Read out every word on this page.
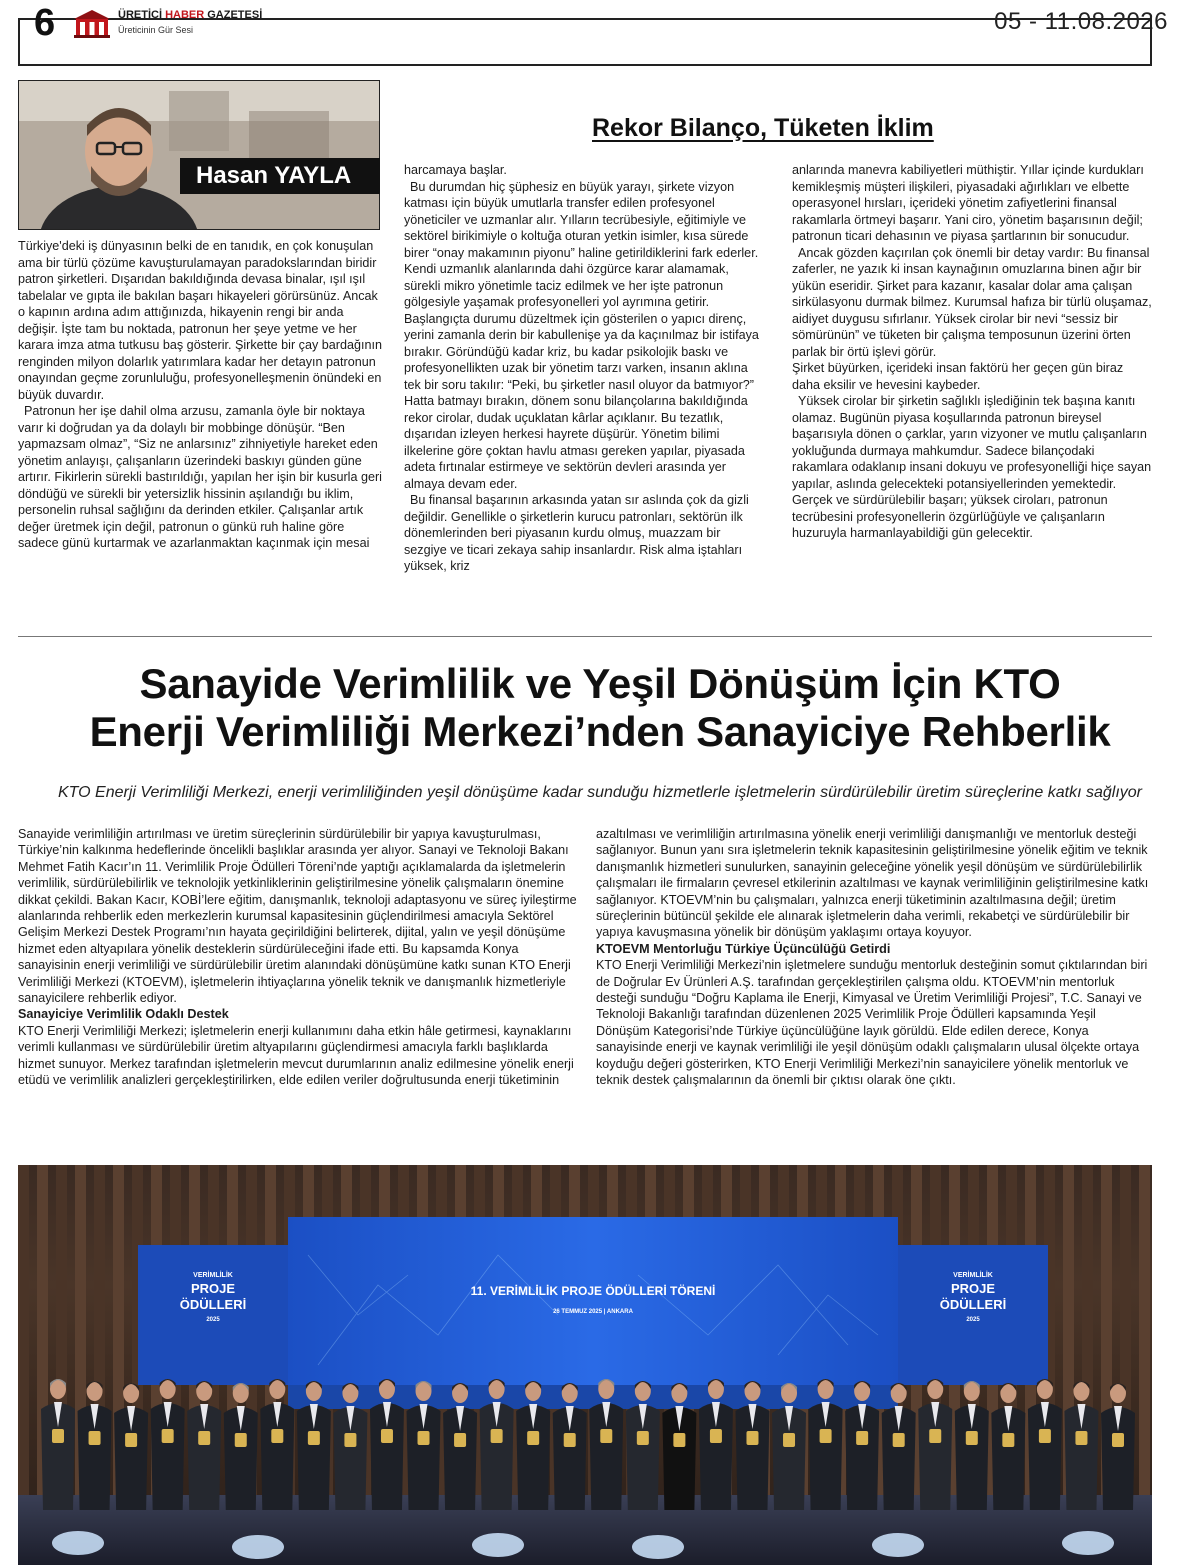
6	ÜRETİCİ HABER GAZETESİ
Üreticinin Gür Sesi	05 - 11.08.2026
Hasan YAYLA
Rekor Bilanço, Tüketen İklim

Türkiye'deki iş dünyasının belki de en tanıdık, en çok konuşulan ama bir türlü çözüme kavuşturulamayan paradokslarından biridir patron şirketleri. Dışarıdan bakıldığında devasa binalar, ışıl ışıl tabelalar ve gıpta ile bakılan başarı hikayeleri görürsünüz. Ancak o kapının ardına adım attığınızda, hikayenin rengi bir anda değişir. İşte tam bu noktada, patronun her şeye yetme ve her karara imza atma tutkusu baş gösterir. Şirkette bir çay bardağının renginden milyon dolarlık yatırımlara kadar her detayın patronun onayından geçme zorunluluğu, profesyonelleşmenin önündeki en büyük duvardır.

Patronun her işe dahil olma arzusu, zamanla öyle bir noktaya varır ki doğrudan ya da dolaylı bir mobbinge dönüşür. “Ben yapmazsam olmaz”, “Siz ne anlarsınız” zihniyetiyle hareket eden yönetim anlayışı, çalışanların üzerindeki baskıyı günden güne artırır. Fikirlerin sürekli bastırıldığı, yapılan her işin bir kusurla geri döndüğü ve sürekli bir yetersizlik hissinin aşılandığı bu iklim, personelin ruhsal sağlığını da derinden etkiler. Çalışanlar artık değer üretmek için değil, patronun o günkü ruh haline göre sadece günü kurtarmak ve azarlanmaktan kaçınmak için mesai

harcamaya başlar.

Bu durumdan hiç şüphesiz en büyük yarayı, şirkete vizyon katması için büyük umutlarla transfer edilen profesyonel yöneticiler ve uzmanlar alır. Yılların tecrübesiyle, eğitimiyle ve sektörel birikimiyle o koltuğa oturan yetkin isimler, kısa sürede birer “onay makamının piyonu” haline getirildiklerini fark ederler. Kendi uzmanlık alanlarında dahi özgürce karar alamamak, sürekli mikro yönetimle taciz edilmek ve her işte patronun gölgesiyle yaşamak profesyonelleri yol ayrımına getirir. Başlangıçta durumu düzeltmek için gösterilen o yapıcı direnç, yerini zamanla derin bir kabullenişe ya da kaçınılmaz bir istifaya bırakır. Göründüğü kadar kriz, bu kadar psikolojik baskı ve profesyonellikten uzak bir yönetim tarzı varken, insanın aklına tek bir soru takılır: “Peki, bu şirketler nasıl oluyor da batmıyor?” Hatta batmayı bırakın, dönem sonu bilançolarına bakıldığında rekor cirolar, dudak uçuklatan kârlar açıklanır. Bu tezatlık, dışarıdan izleyen herkesi hayrete düşürür. Yönetim bilimi ilkelerine göre çoktan havlu atması gereken yapılar, piyasada adeta fırtınalar estirmeye ve sektörün devleri arasında yer almaya devam eder.

Bu finansal başarının arkasında yatan sır aslında çok da gizli değildir. Genellikle o şirketlerin kurucu patronları, sektörün ilk dönemlerinden beri piyasanın kurdu olmuş, muazzam bir sezgiye ve ticari zekaya sahip insanlardır. Risk alma iştahları yüksek, kriz

anlarında manevra kabiliyetleri müthiştir. Yıllar içinde kurdukları kemikleşmiş müşteri ilişkileri, piyasadaki ağırlıkları ve elbette operasyonel hırsları, içerideki yönetim zafiyetlerini finansal rakamlarla örtmeyi başarır. Yani ciro, yönetim başarısının değil; patronun ticari dehasının ve piyasa şartlarının bir sonucudur.

Ancak gözden kaçırılan çok önemli bir detay vardır: Bu finansal zaferler, ne yazık ki insan kaynağının omuzlarına binen ağır bir yükün eseridir. Şirket para kazanır, kasalar dolar ama çalışan sirkülasyonu durmak bilmez. Kurumsal hafıza bir türlü oluşamaz, aidiyet duygusu sıfırlanır. Yüksek cirolar bir nevi “sessiz bir sömürünün” ve tüketen bir çalışma temposunun üzerini örten parlak bir örtü işlevi görür.

Şirket büyürken, içerideki insan faktörü her geçen gün biraz daha eksilir ve hevesini kaybeder.

Yüksek cirolar bir şirketin sağlıklı işlediğinin tek başına kanıtı olamaz. Bugünün piyasa koşullarında patronun bireysel başarısıyla dönen o çarklar, yarın vizyoner ve mutlu çalışanların yokluğunda durmaya mahkumdur. Sadece bilançodaki rakamlara odaklanıp insani dokuyu ve profesyonelliği hiçe sayan yapılar, aslında gelecekteki potansiyellerinden yemektedir. Gerçek ve sürdürülebilir başarı; yüksek ciroları, patronun tecrübesini profesyonellerin özgürlüğüyle ve çalışanların huzuruyla harmanlayabildiği gün gelecektir.

Sanayide Verimlilik ve Yeşil Dönüşüm İçin KTO
Enerji Verimliliği Merkezi’nden Sanayiciye Rehberlik
KTO Enerji Verimliliği Merkezi, enerji verimliliğinden yeşil dönüşüme kadar sunduğu hizmetlerle işletmelerin sürdürülebilir üretim süreçlerine katkı sağlıyor

Sanayide verimliliğin artırılması ve üretim süreçlerinin sürdürülebilir bir yapıya kavuşturulması, Türkiye’nin kalkınma hedeflerinde öncelikli başlıklar arasında yer alıyor. Sanayi ve Teknoloji Bakanı Mehmet Fatih Kacır’ın 11. Verimlilik Proje Ödülleri Töreni’nde yaptığı açıklamalarda da işletmelerin verimlilik, sürdürülebilirlik ve teknolojik yetkinliklerinin geliştirilmesine yönelik çalışmaların önemine dikkat çekildi. Bakan Kacır, KOBİ’lere eğitim, danışmanlık, teknoloji adaptasyonu ve süreç iyileştirme alanlarında rehberlik eden merkezlerin kurumsal kapasitesinin güçlendirilmesi amacıyla Sektörel Gelişim Merkezi Destek Programı’nın hayata geçirildiğini belirterek, dijital, yalın ve yeşil dönüşüme hizmet eden altyapılara yönelik desteklerin sürdürüleceğini ifade etti. Bu kapsamda Konya sanayisinin enerji verimliliği ve sürdürülebilir üretim alanındaki dönüşümüne katkı sunan KTO Enerji Verimliliği Merkezi (KTOEVM), işletmelerin ihtiyaçlarına yönelik teknik ve danışmanlık hizmetleriyle sanayicilere rehberlik ediyor.

Sanayiciye Verimlilik Odaklı Destek

KTO Enerji Verimliliği Merkezi; işletmelerin enerji kullanımını daha etkin hâle getirmesi, kaynaklarını verimli kullanması ve sürdürülebilir üretim altyapılarını güçlendirmesi amacıyla farklı başlıklarda hizmet sunuyor. Merkez tarafından işletmelerin mevcut durumlarının analiz edilmesine yönelik enerji etüdü ve verimlilik analizleri gerçekleştirilirken, elde edilen veriler doğrultusunda enerji tüketiminin

azaltılması ve verimliliğin artırılmasına yönelik enerji verimliliği danışmanlığı ve mentorluk desteği sağlanıyor. Bunun yanı sıra işletmelerin teknik kapasitesinin geliştirilmesine yönelik eğitim ve teknik danışmanlık hizmetleri sunulurken, sanayinin geleceğine yönelik yeşil dönüşüm ve sürdürülebilirlik çalışmaları ile firmaların çevresel etkilerinin azaltılması ve kaynak verimliliğinin geliştirilmesine katkı sağlanıyor. KTOEVM’nin bu çalışmaları, yalnızca enerji tüketiminin azaltılmasına değil; üretim süreçlerinin bütüncül şekilde ele alınarak işletmelerin daha verimli, rekabetçi ve sürdürülebilir bir yapıya kavuşmasına yönelik bir dönüşüm yaklaşımı ortaya koyuyor.

KTOEVM Mentorluğu Türkiye Üçüncülüğü Getirdi

KTO Enerji Verimliliği Merkezi’nin işletmelere sunduğu mentorluk desteğinin somut çıktılarından biri de Doğrular Ev Ürünleri A.Ş. tarafından gerçekleştirilen çalışma oldu. KTOEVM’nin mentorluk desteği sunduğu “Doğru Kaplama ile Enerji, Kimyasal ve Üretim Verimliliği Projesi”, T.C. Sanayi ve Teknoloji Bakanlığı tarafından düzenlenen 2025 Verimlilik Proje Ödülleri kapsamında Yeşil Dönüşüm Kategorisi’nde Türkiye üçüncülüğüne layık görüldü. Elde edilen derece, Konya sanayisinde enerji ve kaynak verimliliği ile yeşil dönüşüm odaklı çalışmaların ulusal ölçekte ortaya koyduğu değeri gösterirken, KTO Enerji Verimliliği Merkezi’nin sanayicilere yönelik mentorluk ve teknik destek çalışmalarının da önemli bir çıktısı olarak öne çıktı.

11. VERİMLİLİK PROJE ÖDÜLLERİ TÖRENİ
26 TEMMUZ 2025 | ANKARA
VERİMLİLİK
PROJE
ÖDÜLLERİ
2025
VERİMLİLİK
PROJE
ÖDÜLLERİ
2025
